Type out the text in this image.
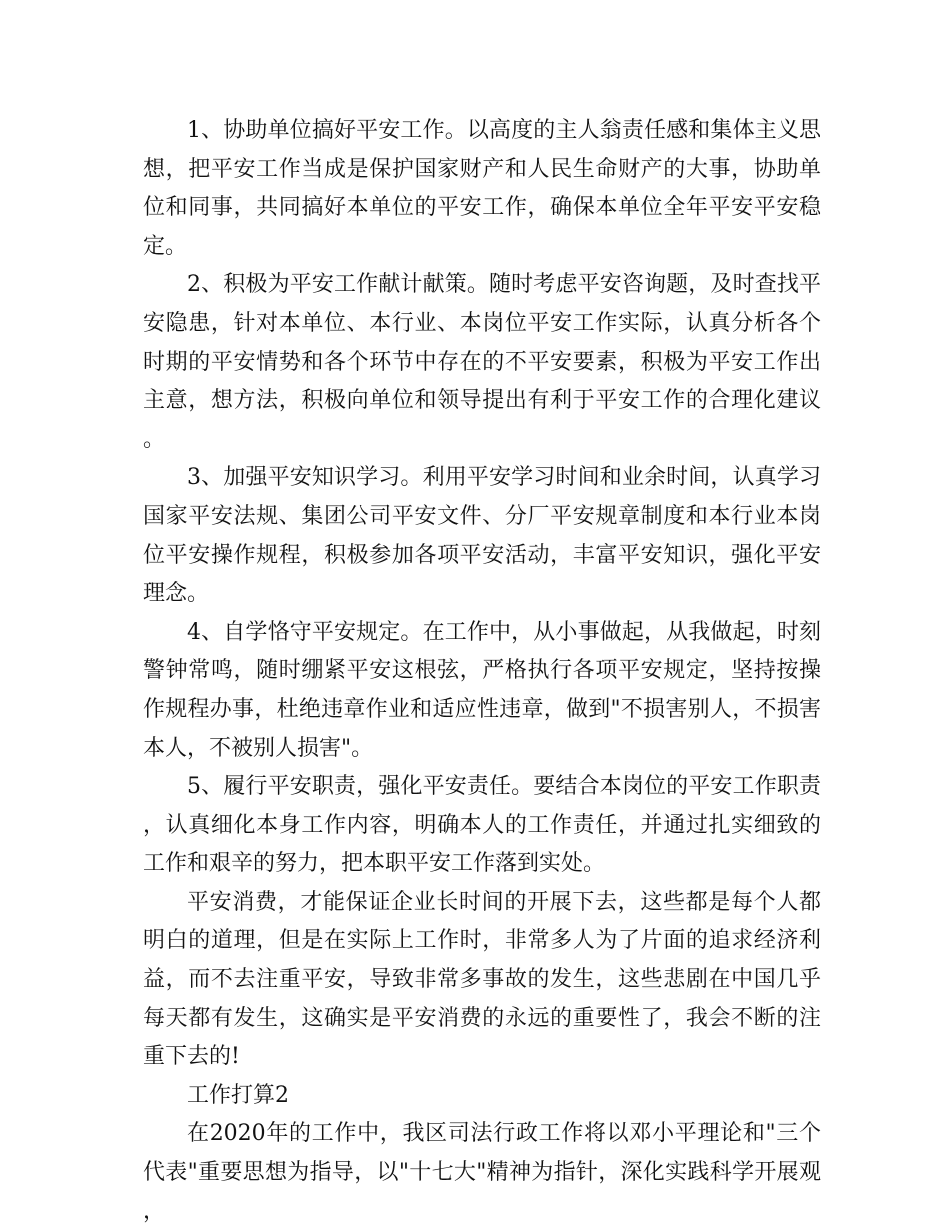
1、协助单位搞好平安工作。以高度的主人翁责任感和集体主义思想，把平安工作当成是保护国家财产和人民生命财产的大事，协助单位和同事，共同搞好本单位的平安工作，确保本单位全年平安平安稳定。

2、积极为平安工作献计献策。随时考虑平安咨询题，及时查找平安隐患，针对本单位、本行业、本岗位平安工作实际，认真分析各个时期的平安情势和各个环节中存在的不平安要素，积极为平安工作出主意，想方法，积极向单位和领导提出有利于平安工作的合理化建议。

3、加强平安知识学习。利用平安学习时间和业余时间，认真学习国家平安法规、集团公司平安文件、分厂平安规章制度和本行业本岗位平安操作规程，积极参加各项平安活动，丰富平安知识，强化平安理念。

4、自学恪守平安规定。在工作中，从小事做起，从我做起，时刻警钟常鸣，随时绷紧平安这根弦，严格执行各项平安规定，坚持按操作规程办事，杜绝违章作业和适应性违章，做到"不损害别人，不损害本人，不被别人损害"。

5、履行平安职责，强化平安责任。要结合本岗位的平安工作职责，认真细化本身工作内容，明确本人的工作责任，并通过扎实细致的工作和艰辛的努力，把本职平安工作落到实处。

平安消费，才能保证企业长时间的开展下去，这些都是每个人都明白的道理，但是在实际上工作时，非常多人为了片面的追求经济利益，而不去注重平安，导致非常多事故的发生，这些悲剧在中国几乎每天都有发生，这确实是平安消费的永远的重要性了，我会不断的注重下去的!

工作打算2

在2020年的工作中，我区司法行政工作将以邓小平理论和"三个代表"重要思想为指导，以"十七大"精神为指针，深化实践科学开展观，
